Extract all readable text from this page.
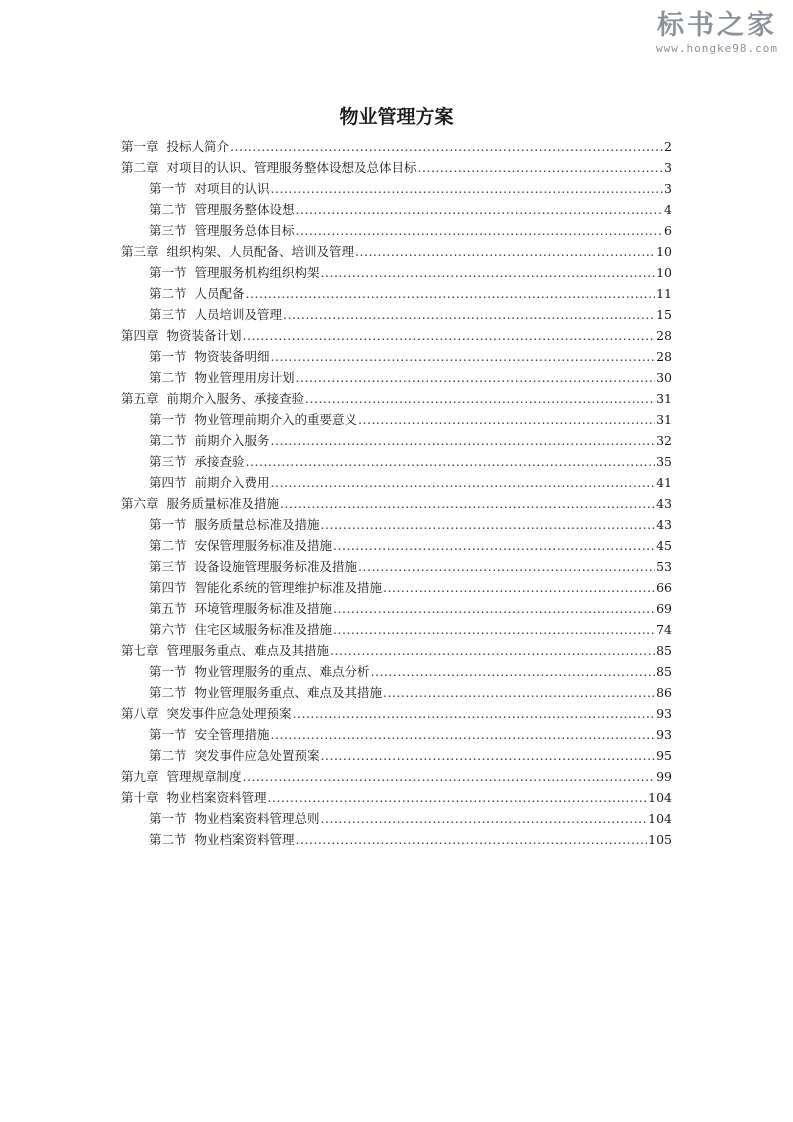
标书之家
www.hongke98.com
物业管理方案
第一章 投标人简介 .....	2
第二章 对项目的认识、管理服务整体设想及总体目标 .....	3
第一节 对项目的认识 .....	3
第二节 管理服务整体设想 .....	4
第三节 管理服务总体目标 .....	6
第三章 组织构架、人员配备、培训及管理 .....	10
第一节 管理服务机构组织构架 .....	10
第二节 人员配备 .....	11
第三节 人员培训及管理 .....	15
第四章 物资装备计划 .....	28
第一节 物资装备明细 .....	28
第二节 物业管理用房计划 .....	30
第五章 前期介入服务、承接查验 .....	31
第一节 物业管理前期介入的重要意义 .....	31
第二节 前期介入服务 .....	32
第三节 承接查验 .....	35
第四节 前期介入费用 .....	41
第六章 服务质量标准及措施 .....	43
第一节 服务质量总标准及措施 .....	43
第二节 安保管理服务标准及措施 .....	45
第三节 设备设施管理服务标准及措施 .....	53
第四节 智能化系统的管理维护标准及措施 .....	66
第五节 环境管理服务标准及措施 .....	69
第六节 住宅区域服务标准及措施 .....	74
第七章 管理服务重点、难点及其措施 .....	85
第一节 物业管理服务的重点、难点分析 .....	85
第二节 物业管理服务重点、难点及其措施 .....	86
第八章 突发事件应急处理预案 .....	93
第一节 安全管理措施 .....	93
第二节 突发事件应急处置预案 .....	95
第九章 管理规章制度 .....	99
第十章 物业档案资料管理 .....	104
第一节 物业档案资料管理总则 .....	104
第二节 物业档案资料管理 .....	105
